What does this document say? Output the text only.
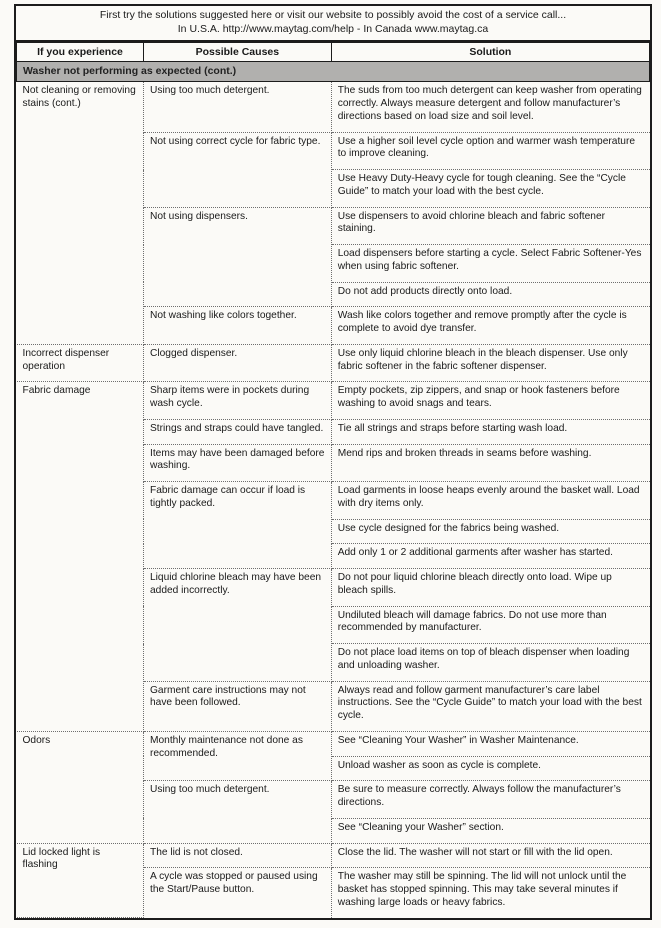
First try the solutions suggested here or visit our website to possibly avoid the cost of a service call...
In U.S.A. http://www.maytag.com/help - In Canada www.maytag.ca
If you experience	Possible Causes	Solution
Washer not performing as expected (cont.)		
Not cleaning or removing stains (cont.)	Using too much detergent.	The suds from too much detergent can keep washer from operating correctly. Always measure detergent and follow manufacturer’s directions based on load size and soil level.
	Not using correct cycle for fabric type.	Use a higher soil level cycle option and warmer wash temperature to improve cleaning.
		Use Heavy Duty-Heavy cycle for tough cleaning. See the “Cycle Guide” to match your load with the best cycle.
	Not using dispensers.	Use dispensers to avoid chlorine bleach and fabric softener staining.
		Load dispensers before starting a cycle. Select Fabric Softener-Yes when using fabric softener.
		Do not add products directly onto load.
	Not washing like colors together.	Wash like colors together and remove promptly after the cycle is complete to avoid dye transfer.
Incorrect dispenser operation	Clogged dispenser.	Use only liquid chlorine bleach in the bleach dispenser. Use only fabric softener in the fabric softener dispenser.
Fabric damage	Sharp items were in pockets during wash cycle.	Empty pockets, zip zippers, and snap or hook fasteners before washing to avoid snags and tears.
	Strings and straps could have tangled.	Tie all strings and straps before starting wash load.
	Items may have been damaged before washing.	Mend rips and broken threads in seams before washing.
	Fabric damage can occur if load is tightly packed.	Load garments in loose heaps evenly around the basket wall. Load with dry items only.
		Use cycle designed for the fabrics being washed.
		Add only 1 or 2 additional garments after washer has started.
	Liquid chlorine bleach may have been added incorrectly.	Do not pour liquid chlorine bleach directly onto load. Wipe up bleach spills.
		Undiluted bleach will damage fabrics. Do not use more than recommended by manufacturer.
		Do not place load items on top of bleach dispenser when loading and unloading washer.
	Garment care instructions may not have been followed.	Always read and follow garment manufacturer’s care label instructions. See the “Cycle Guide” to match your load with the best cycle.
Odors	Monthly maintenance not done as recommended.	See “Cleaning Your Washer” in Washer Maintenance.
		Unload washer as soon as cycle is complete.
	Using too much detergent.	Be sure to measure correctly. Always follow the manufacturer’s directions.
		See “Cleaning your Washer” section.
Lid locked light is flashing	The lid is not closed.	Close the lid. The washer will not start or fill with the lid open.
	A cycle was stopped or paused using the Start/Pause button.	The washer may still be spinning. The lid will not unlock until the basket has stopped spinning. This may take several minutes if washing large loads or heavy fabrics.
